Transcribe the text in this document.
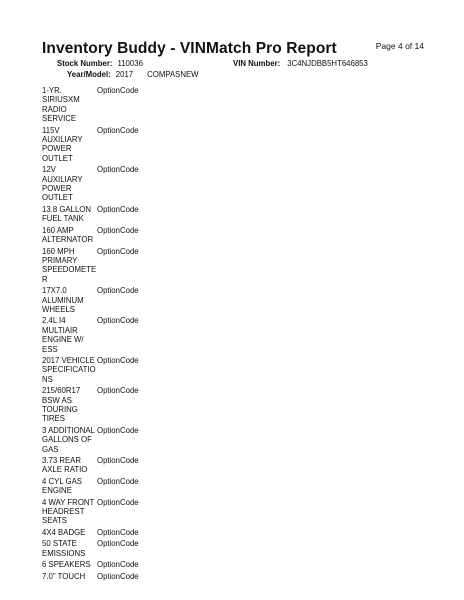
Inventory Buddy - VINMatch Pro Report	Page 4 of 14
Stock Number: 110036	VIN Number: 3C4NJDBB5HT646853
Year/Model: 2017 COMPASNEW
1-YR.
SIRIUSXM
RADIO
SERVICE
OptionCode
115V
AUXILIARY
POWER
OUTLET
OptionCode
12V
AUXILIARY
POWER
OUTLET
OptionCode
13.8 GALLON
FUEL TANK
OptionCode
160 AMP
ALTERNATOR
OptionCode
160 MPH
PRIMARY
SPEEDOMETE
R
OptionCode
17X7.0
ALUMINUM
WHEELS
OptionCode
2.4L I4
MULTIAIR
ENGINE W/
ESS
OptionCode
2017 VEHICLE
SPECIFICATIO
NS
OptionCode
215/60R17
BSW AS
TOURING
TIRES
OptionCode
3 ADDITIONAL
GALLONS OF
GAS
OptionCode
3.73 REAR
AXLE RATIO
OptionCode
4 CYL GAS
ENGINE
OptionCode
4 WAY FRONT
HEADREST
SEATS
OptionCode
4X4 BADGE	OptionCode
50 STATE
EMISSIONS
OptionCode
6 SPEAKERS OptionCode
7.0" TOUCH	OptionCode
